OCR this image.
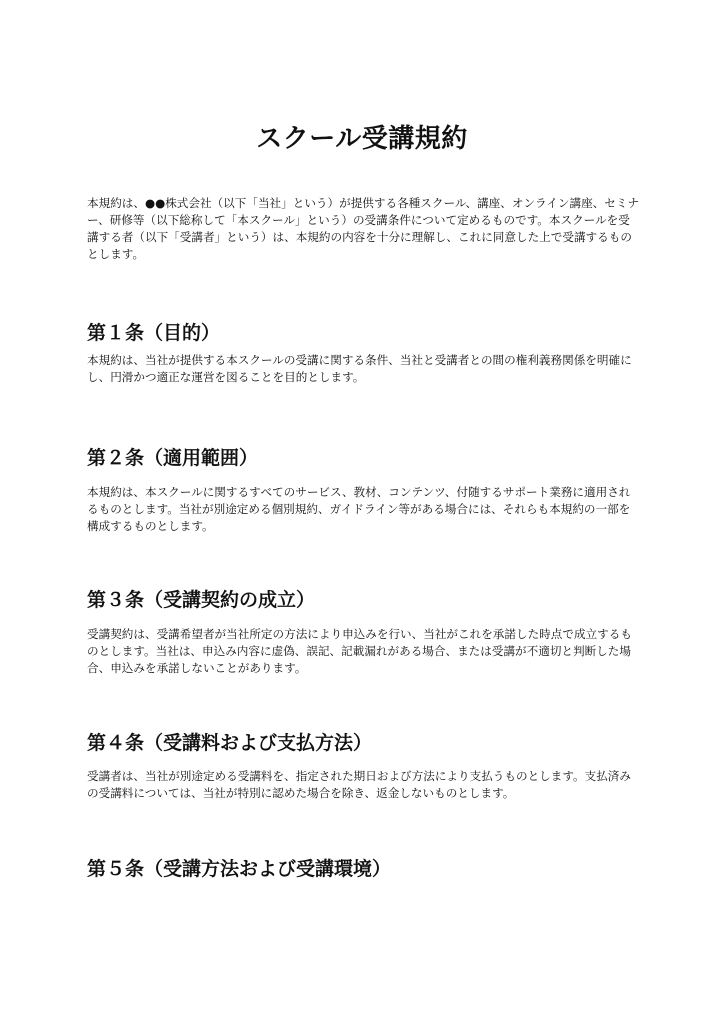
スクール受講規約
本規約は、●●株式会社（以下「当社」という）が提供する各種スクール、講座、オンライン講座、セミナー、研修等（以下総称して「本スクール」という）の受講条件について定めるものです。本スクールを受講する者（以下「受講者」という）は、本規約の内容を十分に理解し、これに同意した上で受講するものとします。
第１条（目的）
本規約は、当社が提供する本スクールの受講に関する条件、当社と受講者との間の権利義務関係を明確にし、円滑かつ適正な運営を図ることを目的とします。
第２条（適用範囲）
本規約は、本スクールに関するすべてのサービス、教材、コンテンツ、付随するサポート業務に適用されるものとします。当社が別途定める個別規約、ガイドライン等がある場合には、それらも本規約の一部を構成するものとします。
第３条（受講契約の成立）
受講契約は、受講希望者が当社所定の方法により申込みを行い、当社がこれを承諾した時点で成立するものとします。当社は、申込み内容に虚偽、誤記、記載漏れがある場合、または受講が不適切と判断した場合、申込みを承諾しないことがあります。
第４条（受講料および支払方法）
受講者は、当社が別途定める受講料を、指定された期日および方法により支払うものとします。支払済みの受講料については、当社が特別に認めた場合を除き、返金しないものとします。
第５条（受講方法および受講環境）
